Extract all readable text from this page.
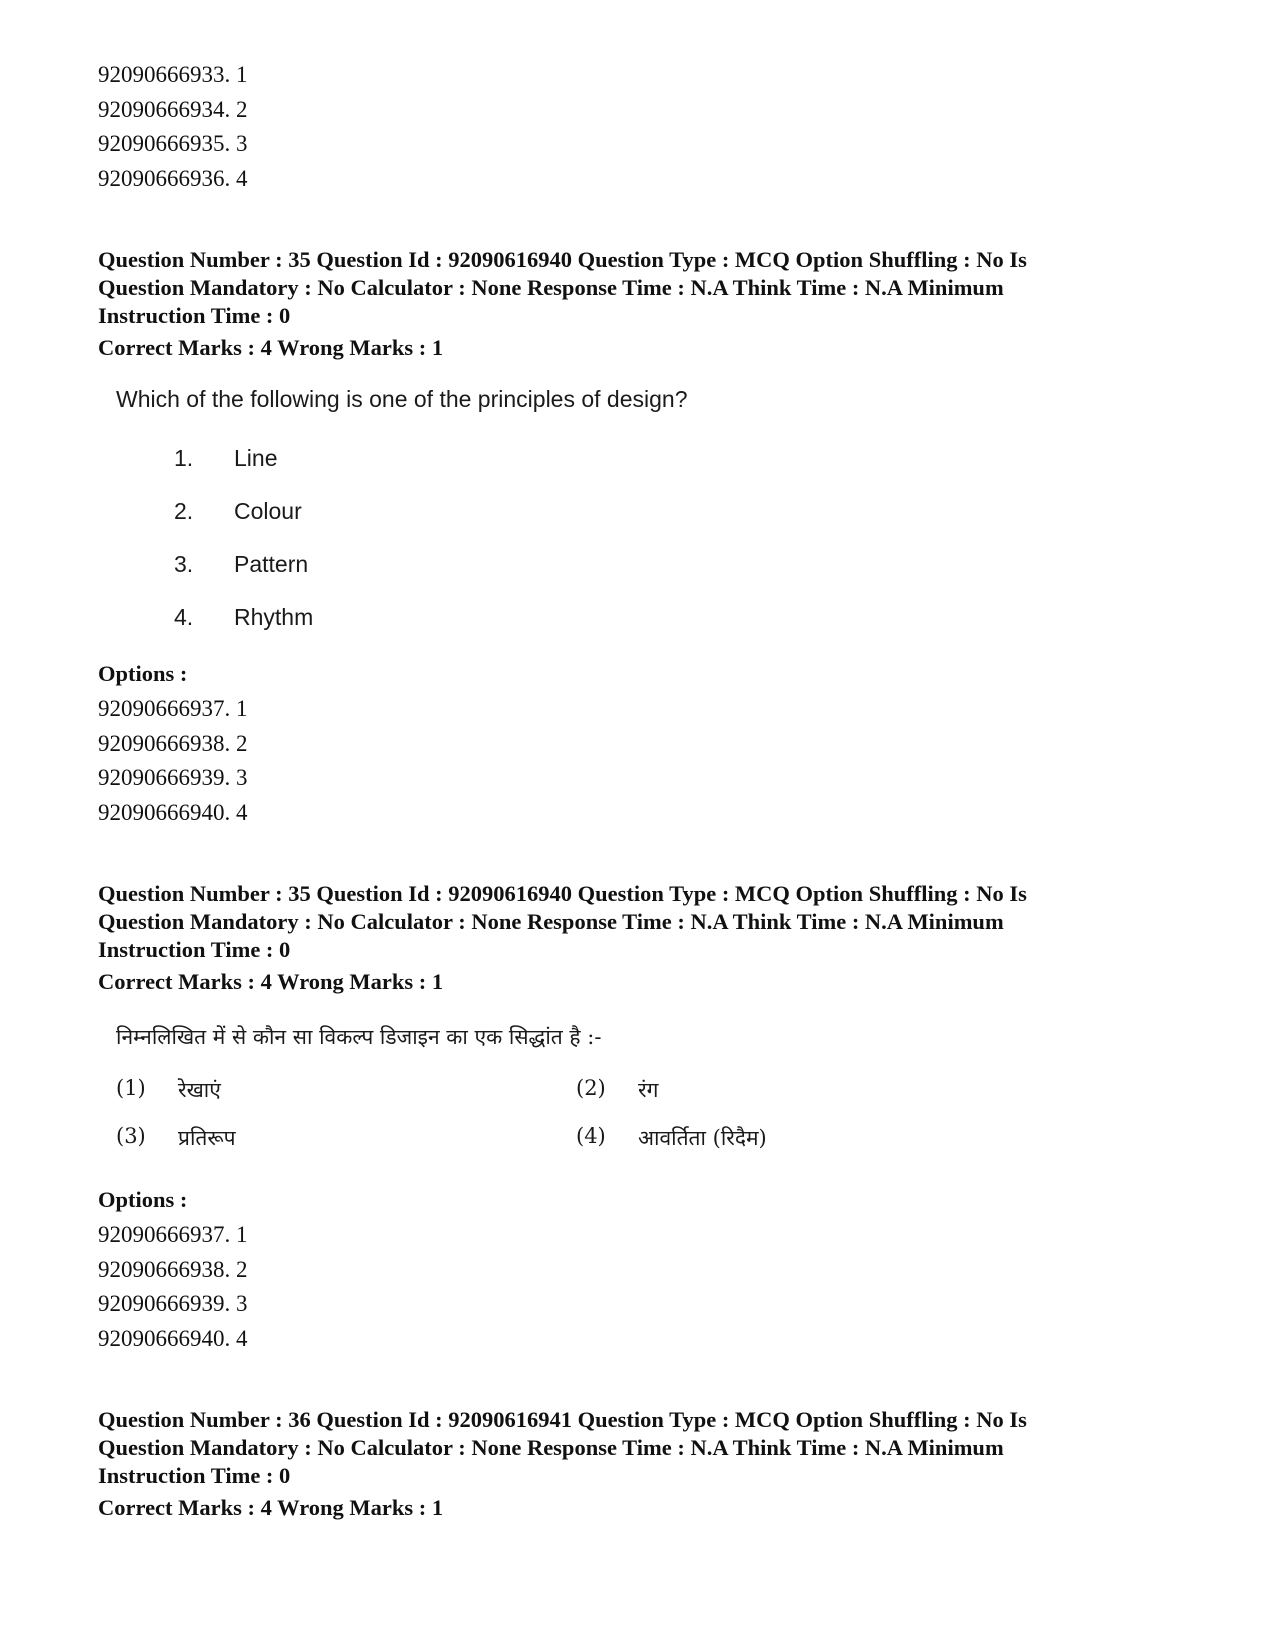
92090666933. 1

92090666934. 2

92090666935. 3

92090666936. 4

Question Number : 35 Question Id : 92090616940 Question Type : MCQ Option Shuffling : No Is

Question Mandatory : No Calculator : None Response Time : N.A Think Time : N.A Minimum

Instruction Time : 0

Correct Marks : 4 Wrong Marks : 1

Which of the following is one of the principles of design?
1.	Line
2.	Colour
3.	Pattern
4.	Rhythm

Options :

92090666937. 1

92090666938. 2

92090666939. 3

92090666940. 4

Question Number : 35 Question Id : 92090616940 Question Type : MCQ Option Shuffling : No Is

Question Mandatory : No Calculator : None Response Time : N.A Think Time : N.A Minimum

Instruction Time : 0

Correct Marks : 4 Wrong Marks : 1

निम्नलिखित में से कौन सा विकल्प डिजाइन का एक सिद्धांत है :-
(1)	रेखाएं	(2)	रंग
(3)	प्रतिरूप	(4)	आवर्तिता (रिदैम)

Options :

92090666937. 1

92090666938. 2

92090666939. 3

92090666940. 4

Question Number : 36 Question Id : 92090616941 Question Type : MCQ Option Shuffling : No Is

Question Mandatory : No Calculator : None Response Time : N.A Think Time : N.A Minimum

Instruction Time : 0

Correct Marks : 4 Wrong Marks : 1
